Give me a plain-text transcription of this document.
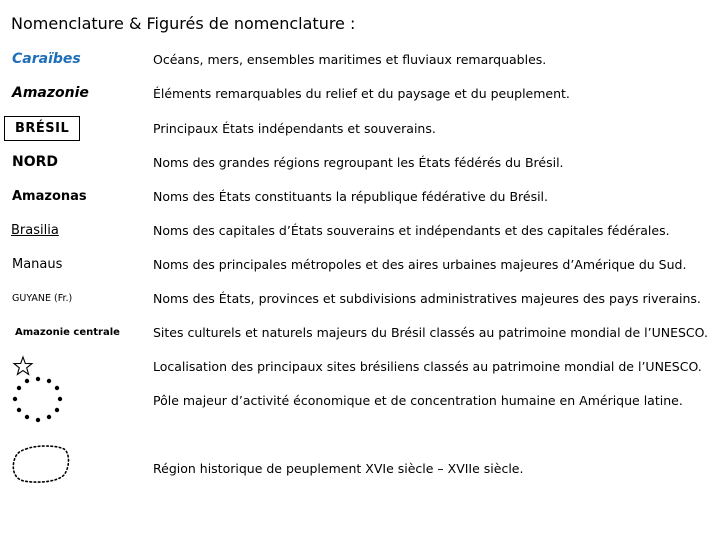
Nomenclature & Figurés de nomenclature :
Caraïbes	Océans, mers, ensembles maritimes et fluviaux remarquables.
Amazonie	Éléments remarquables du relief et du paysage et du peuplement.
BRÉSIL	Principaux États indépendants et souverains.
NORD	Noms des grandes régions regroupant les États fédérés du Brésil.
Amazonas	Noms des États constituants la république fédérative du Brésil.
Brasilia	Noms des capitales d’États souverains et indépendants et des capitales fédérales.
Manaus	Noms des principales métropoles et des aires urbaines majeures d’Amérique du Sud.
GUYANE (Fr.)	Noms des États, provinces et subdivisions administratives majeures des pays riverains.
Amazonie centrale	Sites culturels et naturels majeurs du Brésil classés au patrimoine mondial de l’UNESCO.
Localisation des principaux sites brésiliens classés au patrimoine mondial de l’UNESCO.
Pôle majeur d’activité économique et de concentration humaine en Amérique latine.
Région historique de peuplement XVIe siècle – XVIIe siècle.
